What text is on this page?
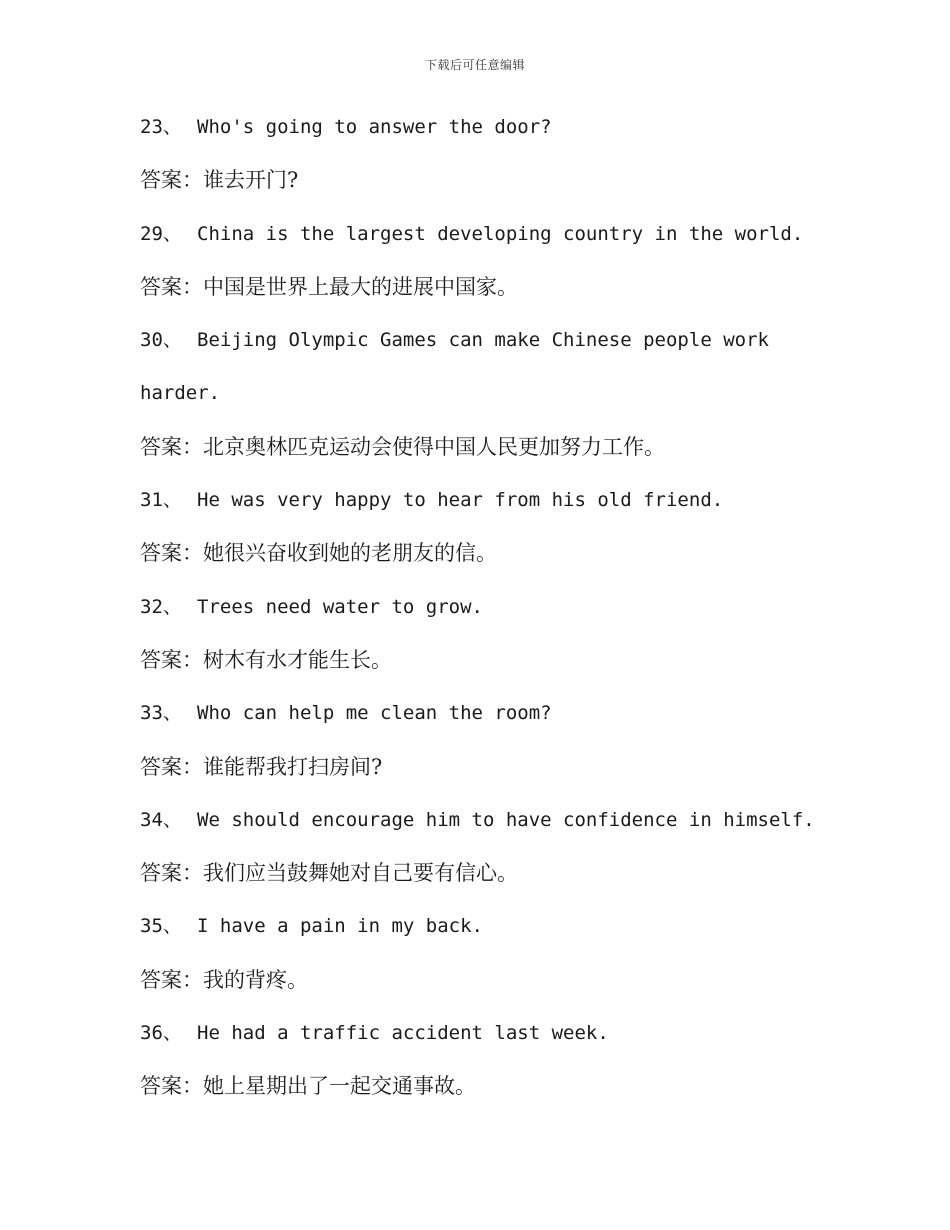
下载后可任意编辑
23、 Who's going to answer the door?
答案：谁去开门?
29、 China is the largest developing country in the world.
答案：中国是世界上最大的进展中国家。
30、 Beijing Olympic Games can make Chinese people work
harder.
答案：北京奥林匹克运动会使得中国人民更加努力工作。
31、 He was very happy to hear from his old friend.
答案：她很兴奋收到她的老朋友的信。
32、 Trees need water to grow.
答案：树木有水才能生长。
33、 Who can help me clean the room?
答案：谁能帮我打扫房间?
34、 We should encourage him to have confidence in himself.
答案：我们应当鼓舞她对自己要有信心。
35、 I have a pain in my back.
答案：我的背疼。
36、 He had a traffic accident last week.
答案：她上星期出了一起交通事故。
